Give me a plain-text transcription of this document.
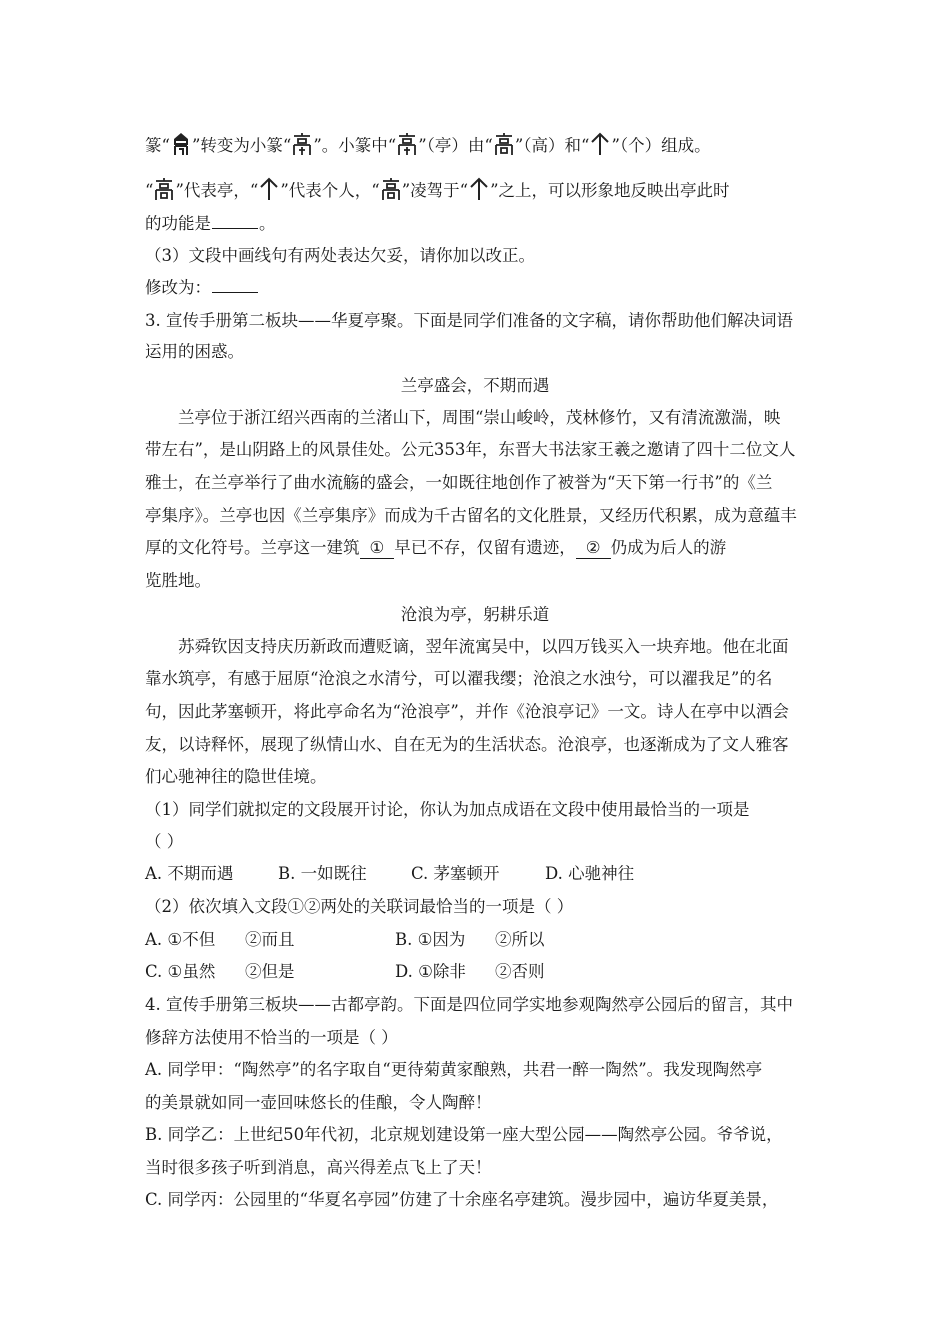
篆“ ”转变为小篆“ ”。小篆中“ ”（亭）由“ ”（高）和“ ”（个）组成。
“ ”代表亭，“ ”代表个人，“ ”凌驾于“ ”之上，可以形象地反映出亭此时
的功能是	。
（3）文段中画线句有两处表达欠妥，请你加以改正。
修改为：
3. 宣传手册第二板块——华夏亭聚。下面是同学们准备的文字稿，请你帮助他们解决词语
运用的困惑。
兰亭盛会，不期而遇
兰亭位于浙江绍兴西南的兰渚山下，周围“崇山峻岭，茂林修竹，又有清流激湍，映
带左右”，是山阴路上的风景佳处。公元353年，东晋大书法家王羲之邀请了四十二位文人
雅士，在兰亭举行了曲水流觞的盛会，一如既往地创作了被誉为“天下第一行书”的《兰
亭集序》。兰亭也因《兰亭集序》而成为千古留名的文化胜景，又经历代积累，成为意蕴丰
厚的文化符号。兰亭这一建筑 ① 早已不存，仅留有遗迹， ② 仍成为后人的游
览胜地。
沧浪为亭，躬耕乐道
苏舜钦因支持庆历新政而遭贬谪，翌年流寓吴中，以四万钱买入一块弃地。他在北面
靠水筑亭，有感于屈原“沧浪之水清兮，可以濯我缨；沧浪之水浊兮，可以濯我足”的名
句，因此茅塞顿开，将此亭命名为“沧浪亭”，并作《沧浪亭记》一文。诗人在亭中以酒会
友，以诗释怀，展现了纵情山水、自在无为的生活状态。沧浪亭，也逐渐成为了文人雅客
们心驰神往的隐世佳境。
（1）同学们就拟定的文段展开讨论，你认为加点成语在文段中使用最恰当的一项是
（ ）
A. 不期而遇	B. 一如既往	C. 茅塞顿开	D. 心驰神往
（2）依次填入文段①②两处的关联词最恰当的一项是（ ）
A. ①不但 ②而且	B. ①因为 ②所以
C. ①虽然 ②但是	D. ①除非 ②否则
4. 宣传手册第三板块——古都亭韵。下面是四位同学实地参观陶然亭公园后的留言，其中
修辞方法使用不恰当的一项是（ ）
A. 同学甲：“陶然亭”的名字取自“更待菊黄家酿熟，共君一醉一陶然”。我发现陶然亭
的美景就如同一壶回味悠长的佳酿，令人陶醉！
B. 同学乙：上世纪50年代初，北京规划建设第一座大型公园——陶然亭公园。爷爷说，
当时很多孩子听到消息，高兴得差点飞上了天！
C. 同学丙：公园里的“华夏名亭园”仿建了十余座名亭建筑。漫步园中，遍访华夏美景，
